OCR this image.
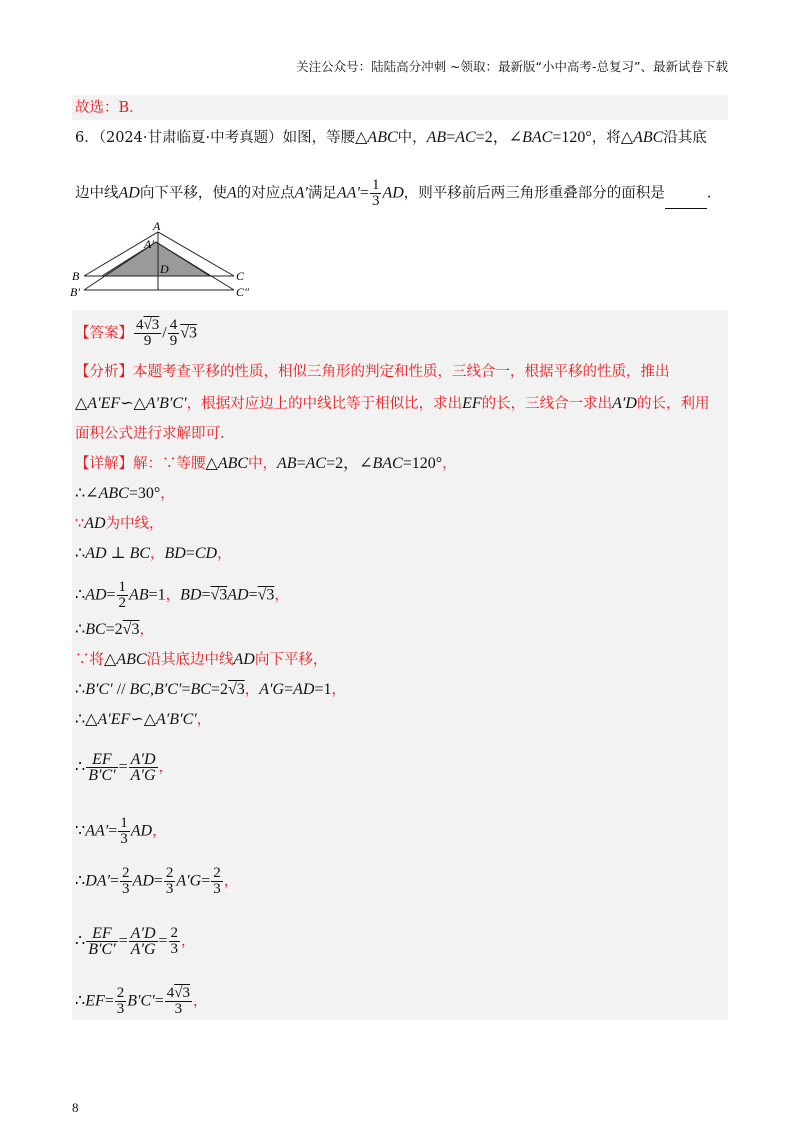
关注公众号：陆陆高分冲刺 ~领取：最新版“小中高考-总复习”、最新试卷下载
故选：B．
6．（2024·甘肃临夏·中考真题）如图，等腰△ABC中，AB=AC=2，∠BAC=120°，将△ABC沿其底
边中线AD向下平移，使A的对应点A′满足$AA'= \frac{1}{3}$ AD，则平移前后两三角形重叠部分的面积是	.
A
A′
D
B	C
B′	C″
【答案】 $\frac{4√3}{9} / \frac{4}{9} √3$
【分析】本题考查平移的性质，相似三角形的判定和性质，三线合一，根据平移的性质，推出
△A′EF∽△A′B′C′，根据对应边上的中线比等于相似比，求出EF的长，三线合一求出A′D的长，利用
面积公式进行求解即可.
【详解】解：∵等腰△ABC中，AB=AC=2，∠BAC=120°，
∴∠ABC=30°，
∵AD为中线，
∴AD ⊥ BC，BD=CD，
∴AD= $\frac{1}{2} AB=1$，BD=√3AD=√3，
∴BC=2√3，
∵将△ABC沿其底边中线AD向下平移，
∴B′C′ // BC,B′C′=BC=2√3，A′G=AD=1，
∴△A′EF∽△A′B′C′，
∴ $\frac{EF}{B'C'} = \frac{A'D}{A'G}$ ，
∵AA′= $\frac{1}{3}$ AD，
∴DA′= $\frac{2}{3} AD= \frac{2}{3} A'G= \frac{2}{3}$ ，
∴ $\frac{EF}{B'C'} = \frac{A'D}{A'G} = \frac{2}{3}$ ，
∴EF= $\frac{2}{3} B'C'= \frac{4√3}{3}$ ，
8
